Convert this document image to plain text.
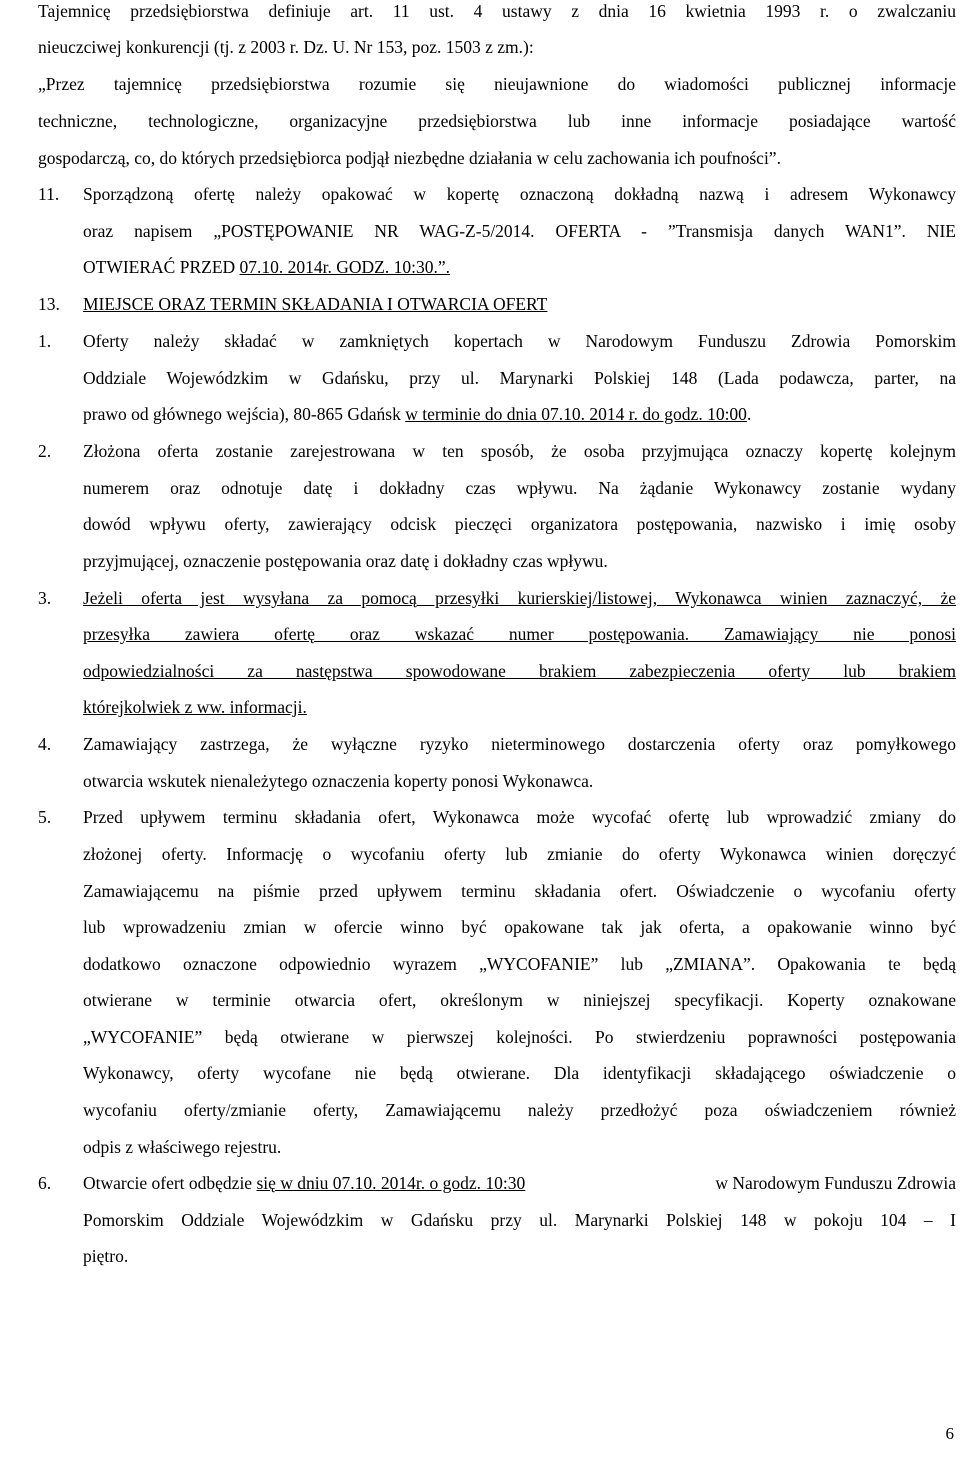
Tajemnicę przedsiębiorstwa definiuje art. 11 ust. 4 ustawy z dnia 16 kwietnia 1993 r. o zwalczaniu
nieuczciwej konkurencji (tj. z 2003 r. Dz. U. Nr 153, poz. 1503 z zm.):
„Przez tajemnicę przedsiębiorstwa rozumie się nieujawnione do wiadomości publicznej informacje
techniczne, technologiczne, organizacyjne przedsiębiorstwa lub inne informacje posiadające wartość
gospodarczą, co, do których przedsiębiorca podjął niezbędne działania w celu zachowania ich poufności”.
11. Sporządzoną ofertę należy opakować w kopertę oznaczoną dokładną nazwą i adresem Wykonawcy
oraz napisem „POSTĘPOWANIE NR WAG-Z-5/2014. OFERTA - ”Transmisja danych WAN1”. NIE
OTWIERAĆ PRZED 07.10. 2014r. GODZ. 10:30.”.
13. MIEJSCE ORAZ TERMIN SKŁADANIA I OTWARCIA OFERT
1. Oferty należy składać w zamkniętych kopertach w Narodowym Funduszu Zdrowia Pomorskim
Oddziale Wojewódzkim w Gdańsku, przy ul. Marynarki Polskiej 148 (Lada podawcza, parter, na
prawo od głównego wejścia), 80-865 Gdańsk w terminie do dnia 07.10. 2014 r. do godz. 10:00.
2. Złożona oferta zostanie zarejestrowana w ten sposób, że osoba przyjmująca oznaczy kopertę kolejnym
numerem oraz odnotuje datę i dokładny czas wpływu. Na żądanie Wykonawcy zostanie wydany
dowód wpływu oferty, zawierający odcisk pieczęci organizatora postępowania, nazwisko i imię osoby
przyjmującej, oznaczenie postępowania oraz datę i dokładny czas wpływu.
3. Jeżeli oferta jest wysyłana za pomocą przesyłki kurierskiej/listowej, Wykonawca winien zaznaczyć, że
przesyłka zawiera ofertę oraz wskazać numer postępowania. Zamawiający nie ponosi
odpowiedzialności za następstwa spowodowane brakiem zabezpieczenia oferty lub brakiem
którejkolwiek z ww. informacji.
4. Zamawiający zastrzega, że wyłączne ryzyko nieterminowego dostarczenia oferty oraz pomyłkowego
otwarcia wskutek nienależytego oznaczenia koperty ponosi Wykonawca.
5. Przed upływem terminu składania ofert, Wykonawca może wycofać ofertę lub wprowadzić zmiany do
złożonej oferty. Informację o wycofaniu oferty lub zmianie do oferty Wykonawca winien doręczyć
Zamawiającemu na piśmie przed upływem terminu składania ofert. Oświadczenie o wycofaniu oferty
lub wprowadzeniu zmian w ofercie winno być opakowane tak jak oferta, a opakowanie winno być
dodatkowo oznaczone odpowiednio wyrazem „WYCOFANIE” lub „ZMIANA”. Opakowania te będą
otwierane w terminie otwarcia ofert, określonym w niniejszej specyfikacji. Koperty oznakowane
„WYCOFANIE” będą otwierane w pierwszej kolejności. Po stwierdzeniu poprawności postępowania
Wykonawcy, oferty wycofane nie będą otwierane. Dla identyfikacji składającego oświadczenie o
wycofaniu oferty/zmianie oferty, Zamawiającemu należy przedłożyć poza oświadczeniem również
odpis z właściwego rejestru.
6. Otwarcie ofert odbędzie się w dniu 07.10. 2014r. o godz. 10:30	w Narodowym Funduszu Zdrowia
Pomorskim Oddziale Wojewódzkim w Gdańsku przy ul. Marynarki Polskiej 148 w pokoju 104 – I
piętro.
6
